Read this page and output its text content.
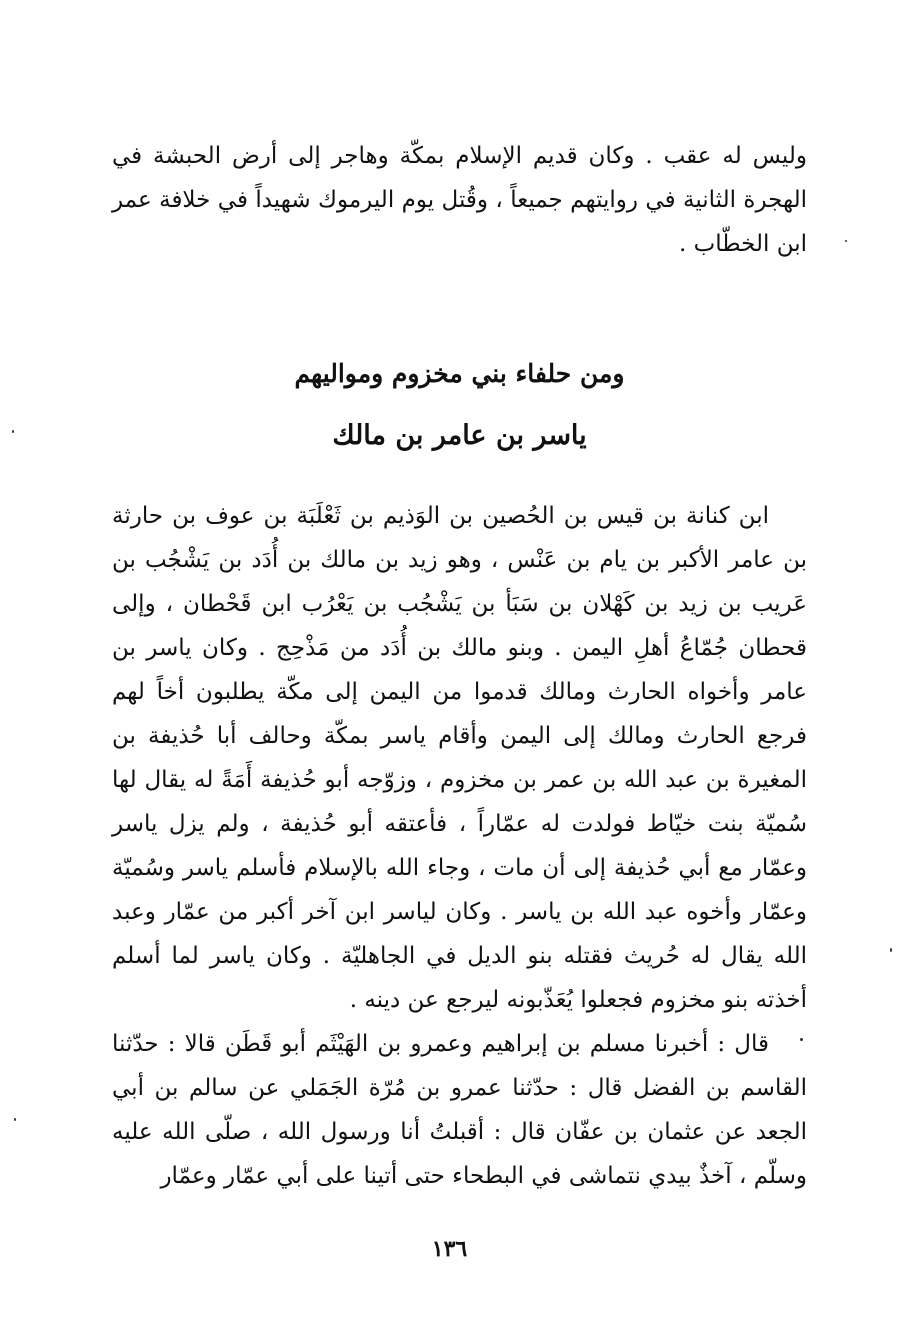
وليس له عقب . وكان قديم الإسلام بمكّة وهاجر إلى أرض الحبشة في الهجرة الثانية في روايتهم جميعاً ، وقُتل يوم اليرموك شهيداً في خلافة عمر ابن الخطّاب .

ومن حلفاء بني مخزوم ومواليهم
ياسر بن عامر بن مالك

ابن كنانة بن قيس بن الحُصين بن الوَذيم بن ثَعْلَبَة بن عوف بن حارثة بن عامر الأكبر بن يام بن عَنْس ، وهو زيد بن مالك بن أُدَد بن يَشْجُب بن عَريب بن زيد بن كَهْلان بن سَبَأ بن يَشْجُب بن يَعْرُب ابن قَحْطان ، وإلى قحطان جُمّاعُ أهلِ اليمن . وبنو مالك بن أُدَد من مَذْحِج . وكان ياسر بن عامر وأخواه الحارث ومالك قدموا من اليمن إلى مكّة يطلبون أخاً لهم فرجع الحارث ومالك إلى اليمن وأقام ياسر بمكّة وحالف أبا حُذيفة بن المغيرة بن عبد الله بن عمر بن مخزوم ، وزوّجه أبو حُذيفة أَمَةً له يقال لها سُميّة بنت خيّاط فولدت له عمّاراً ، فأعتقه أبو حُذيفة ، ولم يزل ياسر وعمّار مع أبي حُذيفة إلى أن مات ، وجاء الله بالإسلام فأسلم ياسر وسُميّة وعمّار وأخوه عبد الله بن ياسر . وكان لياسر ابن آخر أكبر من عمّار وعبد الله يقال له حُريث فقتله بنو الديل في الجاهليّة . وكان ياسر لما أسلم أخذته بنو مخزوم فجعلوا يُعَذّبونه ليرجع عن دينه .

قال : أخبرنا مسلم بن إبراهيم وعمرو بن الهَيْثَم أبو قَطَن قالا : حدّثنا القاسم بن الفضل قال : حدّثنا عمرو بن مُرّة الجَمَلي عن سالم بن أبي الجعد عن عثمان بن عفّان قال : أقبلتُ أنا ورسول الله ، صلّى الله عليه وسلّم ، آخذٌ بيدي نتماشى في البطحاء حتى أتينا على أبي عمّار وعمّار

١٣٦
